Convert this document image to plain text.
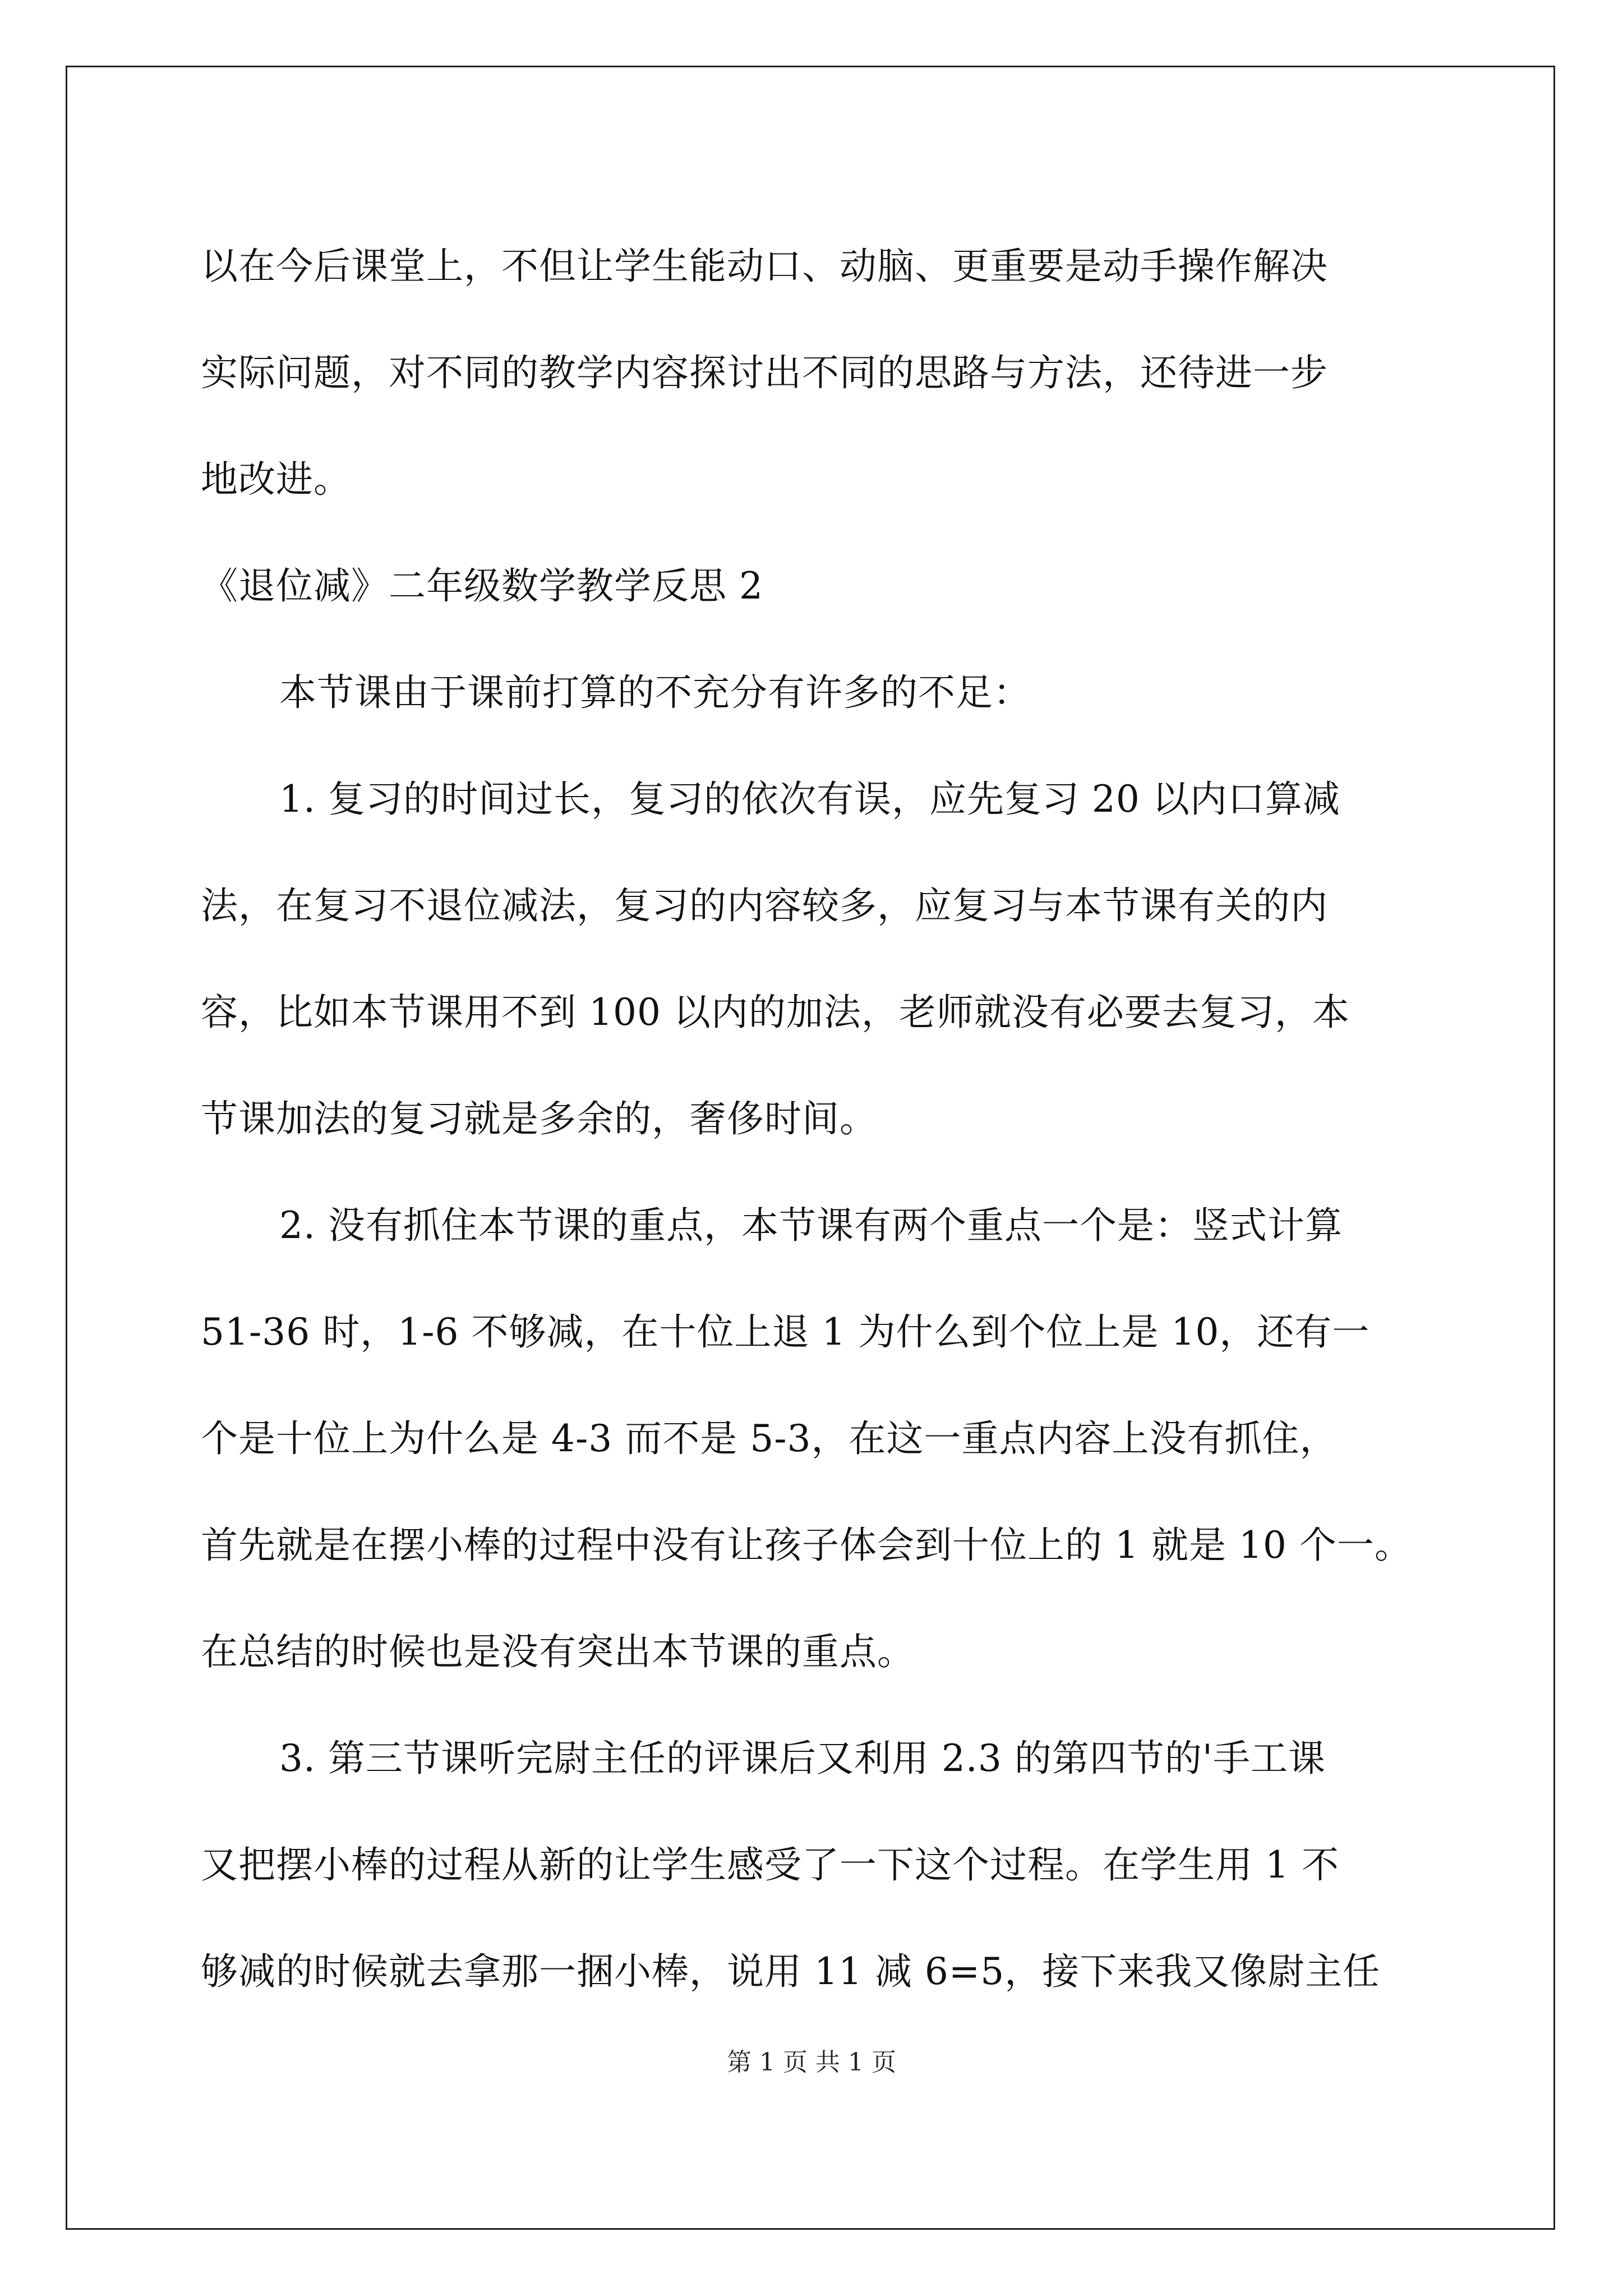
以在今后课堂上，不但让学生能动口、动脑、更重要是动手操作解决
实际问题，对不同的教学内容探讨出不同的思路与方法，还待进一步
地改进。
《退位减》二年级数学教学反思 2
本节课由于课前打算的不充分有许多的不足：
1. 复习的时间过长，复习的依次有误，应先复习 20 以内口算减
法，在复习不退位减法，复习的内容较多，应复习与本节课有关的内
容，比如本节课用不到 100 以内的加法，老师就没有必要去复习，本
节课加法的复习就是多余的，奢侈时间。
2. 没有抓住本节课的重点，本节课有两个重点一个是：竖式计算
51-36 时，1-6 不够减，在十位上退 1 为什么到个位上是 10，还有一
个是十位上为什么是 4-3 而不是 5-3，在这一重点内容上没有抓住，
首先就是在摆小棒的过程中没有让孩子体会到十位上的 1 就是 10 个一。
在总结的时候也是没有突出本节课的重点。
3. 第三节课听完尉主任的评课后又利用 2.3 的第四节的'手工课
又把摆小棒的过程从新的让学生感受了一下这个过程。在学生用 1 不
够减的时候就去拿那一捆小棒，说用 11 减 6=5，接下来我又像尉主任
第 1 页 共 1 页
